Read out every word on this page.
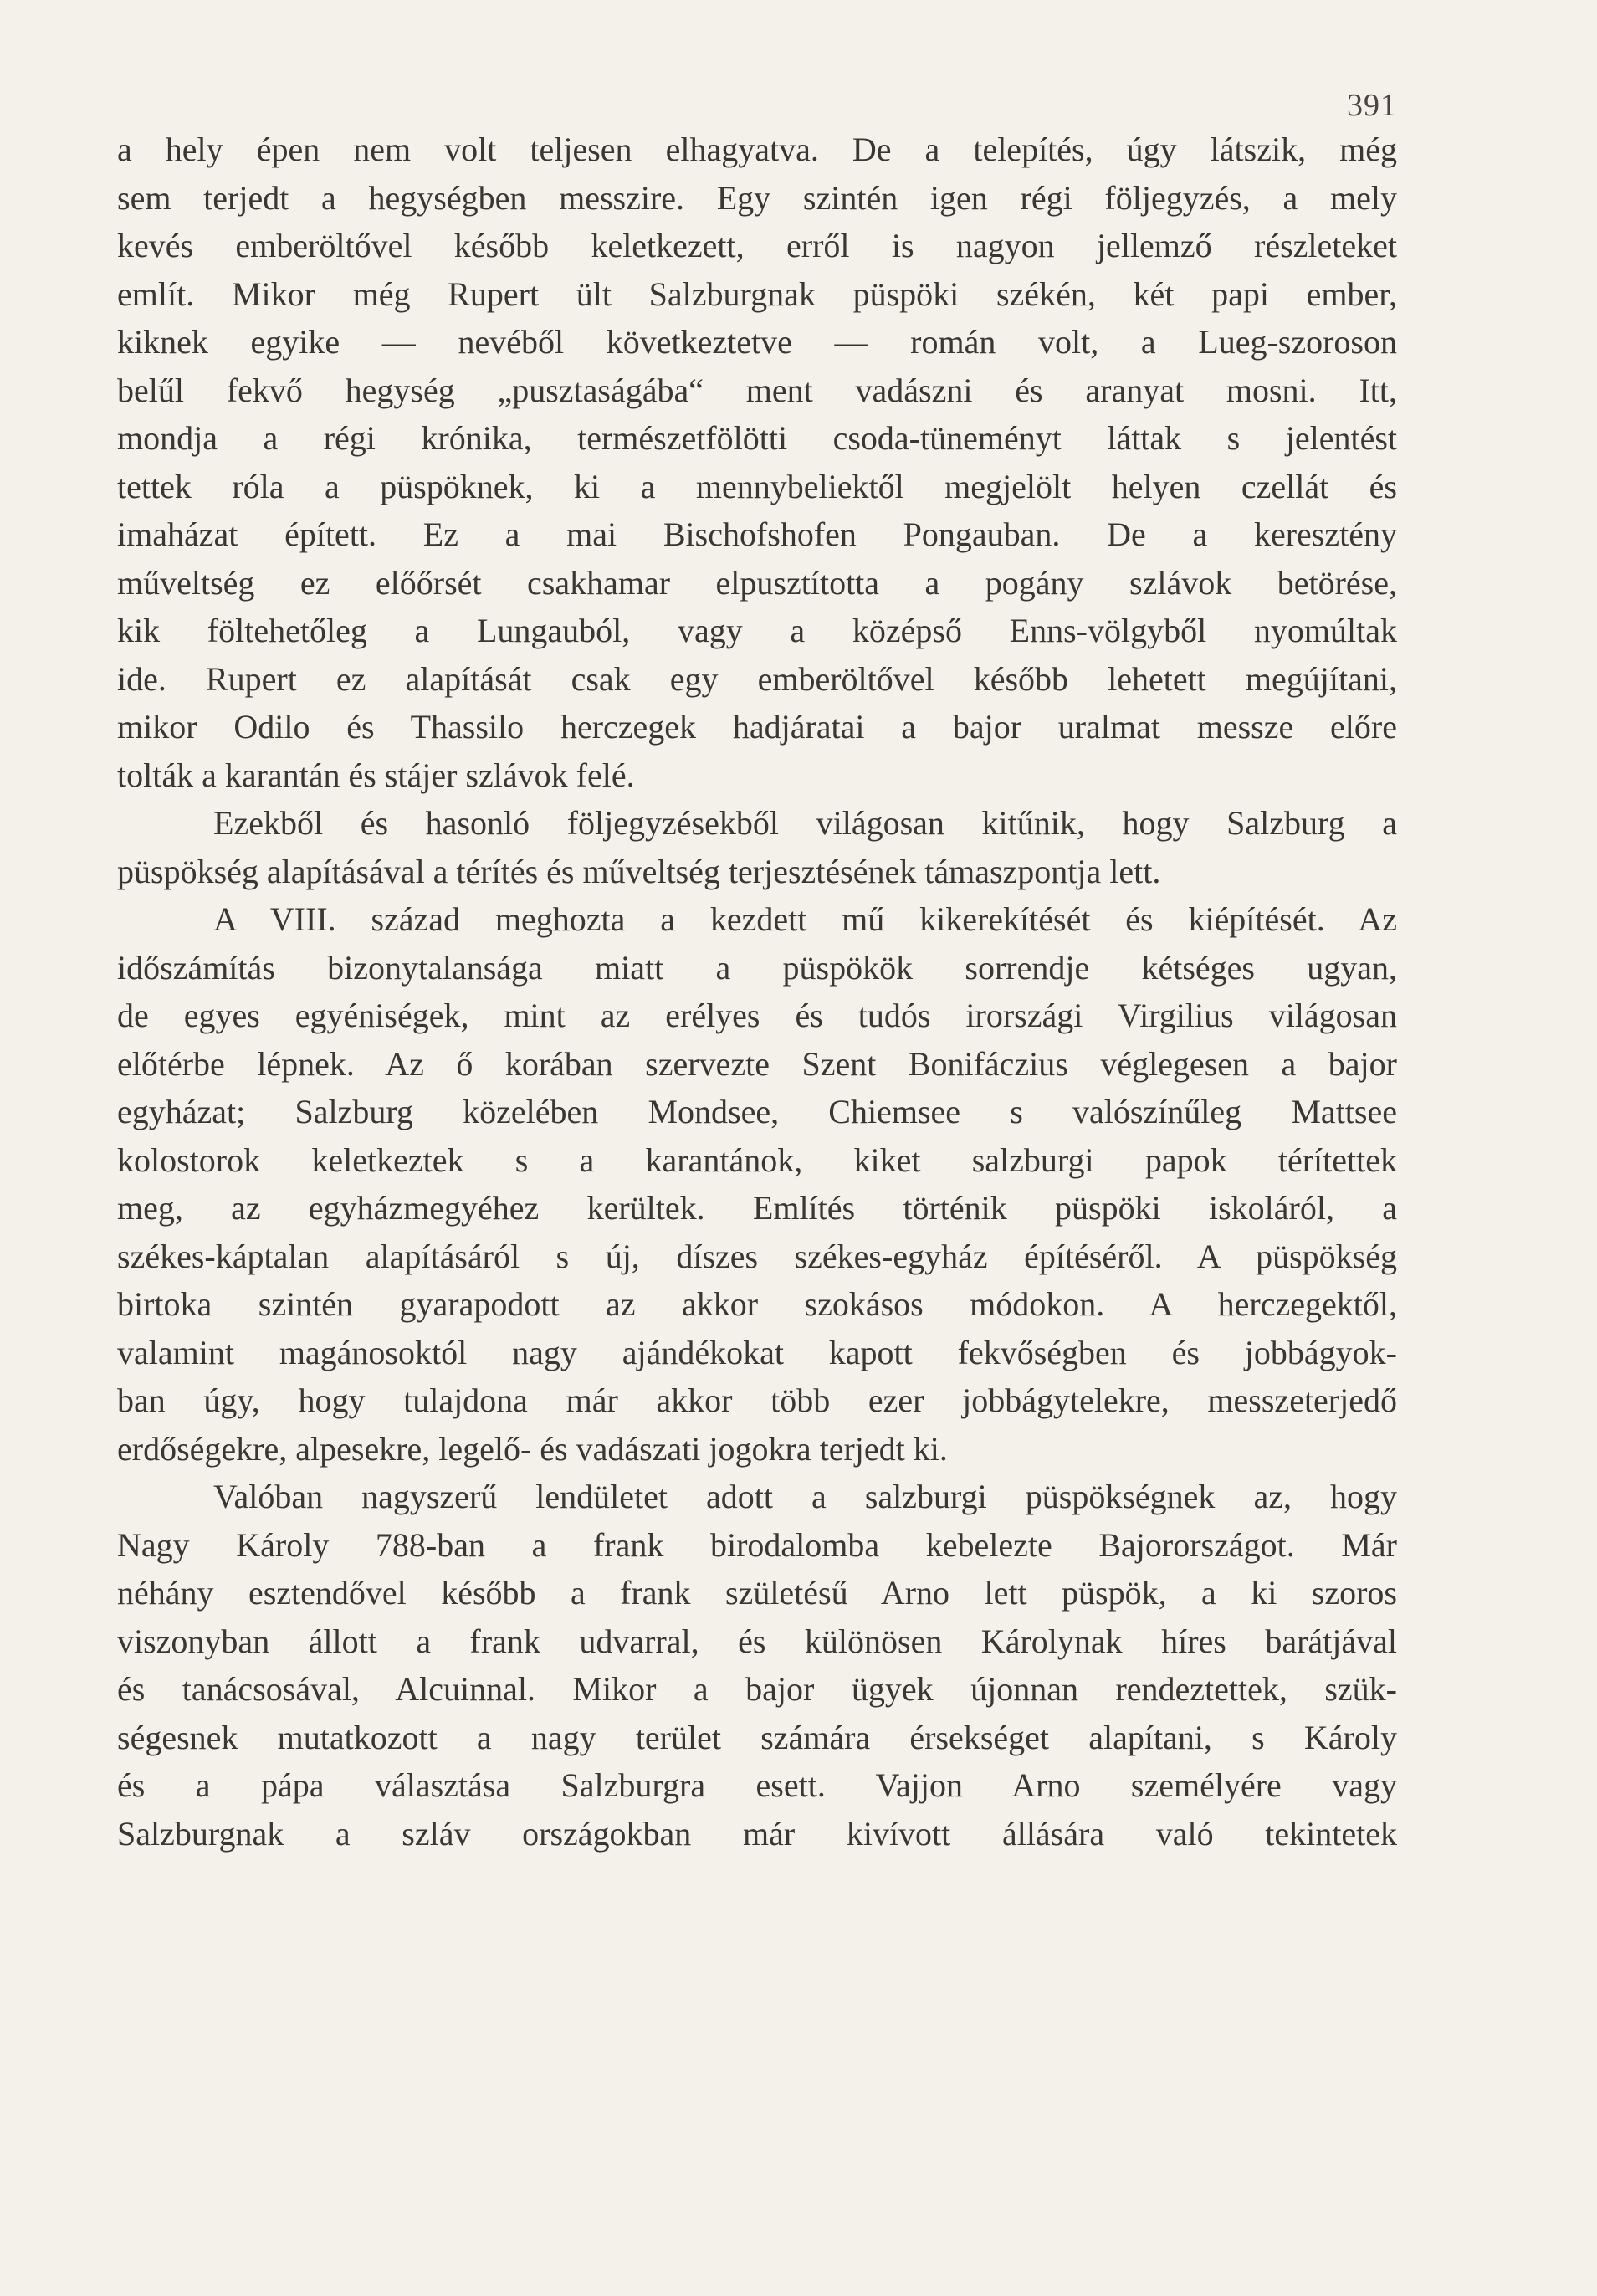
391
a hely épen nem volt teljesen elhagyatva. De a telepítés, úgy látszik, még
sem terjedt a hegységben messzire. Egy szintén igen régi följegyzés, a mely
kevés emberöltővel később keletkezett, erről is nagyon jellemző részleteket
említ. Mikor még Rupert ült Salzburgnak püspöki székén, két papi ember,
kiknek egyike — nevéből következtetve — román volt, a Lueg-szoroson
belűl fekvő hegység „pusztaságába“ ment vadászni és aranyat mosni. Itt,
mondja a régi krónika, természetfölötti csoda-tüneményt láttak s jelentést
tettek róla a püspöknek, ki a mennybeliektől megjelölt helyen czellát és
imaházat épített. Ez a mai Bischofshofen Pongauban. De a keresztény
műveltség ez előőrsét csakhamar elpusztította a pogány szlávok betörése,
kik föltehetőleg a Lungauból, vagy a középső Enns-völgyből nyomúltak
ide. Rupert ez alapítását csak egy emberöltővel később lehetett megújítani,
mikor Odilo és Thassilo herczegek hadjáratai a bajor uralmat messze előre
tolták a karantán és stájer szlávok felé.
Ezekből és hasonló följegyzésekből világosan kitűnik, hogy Salzburg a
püspökség alapításával a térítés és műveltség terjesztésének támaszpontja lett.
A VIII. század meghozta a kezdett mű kikerekítését és kiépítését. Az
időszámítás bizonytalansága miatt a püspökök sorrendje kétséges ugyan,
de egyes egyéniségek, mint az erélyes és tudós irországi Virgilius világosan
előtérbe lépnek. Az ő korában szervezte Szent Bonifáczius véglegesen a bajor
egyházat; Salzburg közelében Mondsee, Chiemsee s valószínűleg Mattsee
kolostorok keletkeztek s a karantánok, kiket salzburgi papok térítettek
meg, az egyházmegyéhez kerültek. Említés történik püspöki iskoláról, a
székes-káptalan alapításáról s új, díszes székes-egyház építéséről. A püspökség
birtoka szintén gyarapodott az akkor szokásos módokon. A herczegektől,
valamint magánosoktól nagy ajándékokat kapott fekvőségben és jobbágyok-
ban úgy, hogy tulajdona már akkor több ezer jobbágytelekre, messzeterjedő
erdőségekre, alpesekre, legelő- és vadászati jogokra terjedt ki.
Valóban nagyszerű lendületet adott a salzburgi püspökségnek az, hogy
Nagy Károly 788-ban a frank birodalomba kebelezte Bajorországot. Már
néhány esztendővel később a frank születésű Arno lett püspök, a ki szoros
viszonyban állott a frank udvarral, és különösen Károlynak híres barátjával
és tanácsosával, Alcuinnal. Mikor a bajor ügyek újonnan rendeztettek, szük-
ségesnek mutatkozott a nagy terület számára érsekséget alapítani, s Károly
és a pápa választása Salzburgra esett. Vajjon Arno személyére vagy
Salzburgnak a szláv országokban már kivívott állására való tekintetek
